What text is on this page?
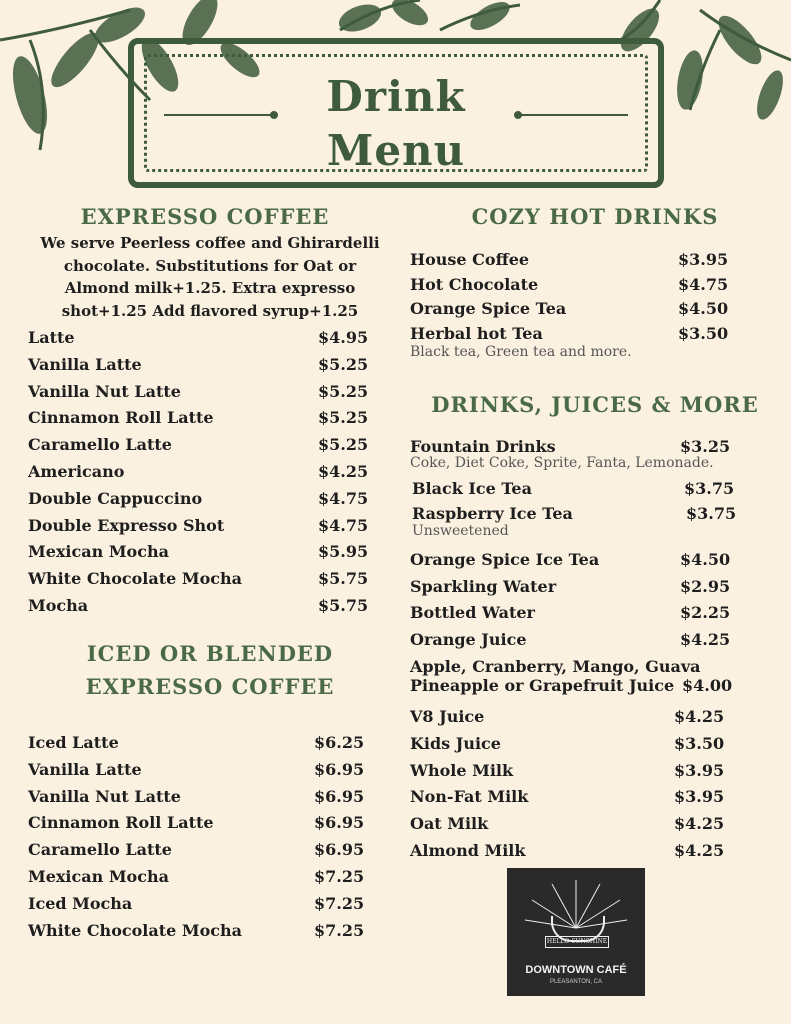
Drink
Menu
EXPRESSO COFFEE
We serve Peerless coffee and Ghirardelli chocolate. Substitutions for Oat or Almond milk+1.25. Extra expresso shot+1.25 Add flavored syrup+1.25
Latte	$4.95
Vanilla Latte	$5.25
Vanilla Nut Latte	$5.25
Cinnamon Roll Latte	$5.25
Caramello Latte	$5.25
Americano	$4.25
Double Cappuccino	$4.75
Double Expresso Shot	$4.75
Mexican Mocha	$5.95
White Chocolate Mocha	$5.75
Mocha	$5.75
ICED OR BLENDED
EXPRESSO COFFEE
Iced Latte	$6.25
Vanilla Latte	$6.95
Vanilla Nut Latte	$6.95
Cinnamon Roll Latte	$6.95
Caramello Latte	$6.95
Mexican Mocha	$7.25
Iced Mocha	$7.25
White Chocolate Mocha	$7.25
COZY HOT DRINKS
House Coffee	$3.95
Hot Chocolate	$4.75
Orange Spice Tea	$4.50
Herbal hot Tea	$3.50
Black tea, Green tea and more.
DRINKS, JUICES & MORE
Fountain Drinks	$3.25
Coke, Diet Coke, Sprite, Fanta, Lemonade.
Black Ice Tea	$3.75
Raspberry Ice Tea	$3.75
Unsweetened
Orange Spice Ice Tea	$4.50
Sparkling Water	$2.95
Bottled Water	$2.25
Orange Juice	$4.25
Apple, Cranberry, Mango, Guava
Pineapple or Grapefruit Juice $4.00
V8 Juice	$4.25
Kids Juice	$3.50
Whole Milk	$3.95
Non-Fat Milk	$3.95
Oat Milk	$4.25
Almond Milk	$4.25
HELLO SUNSHINE
DOWNTOWN CAFÉ
PLEASANTON, CA
